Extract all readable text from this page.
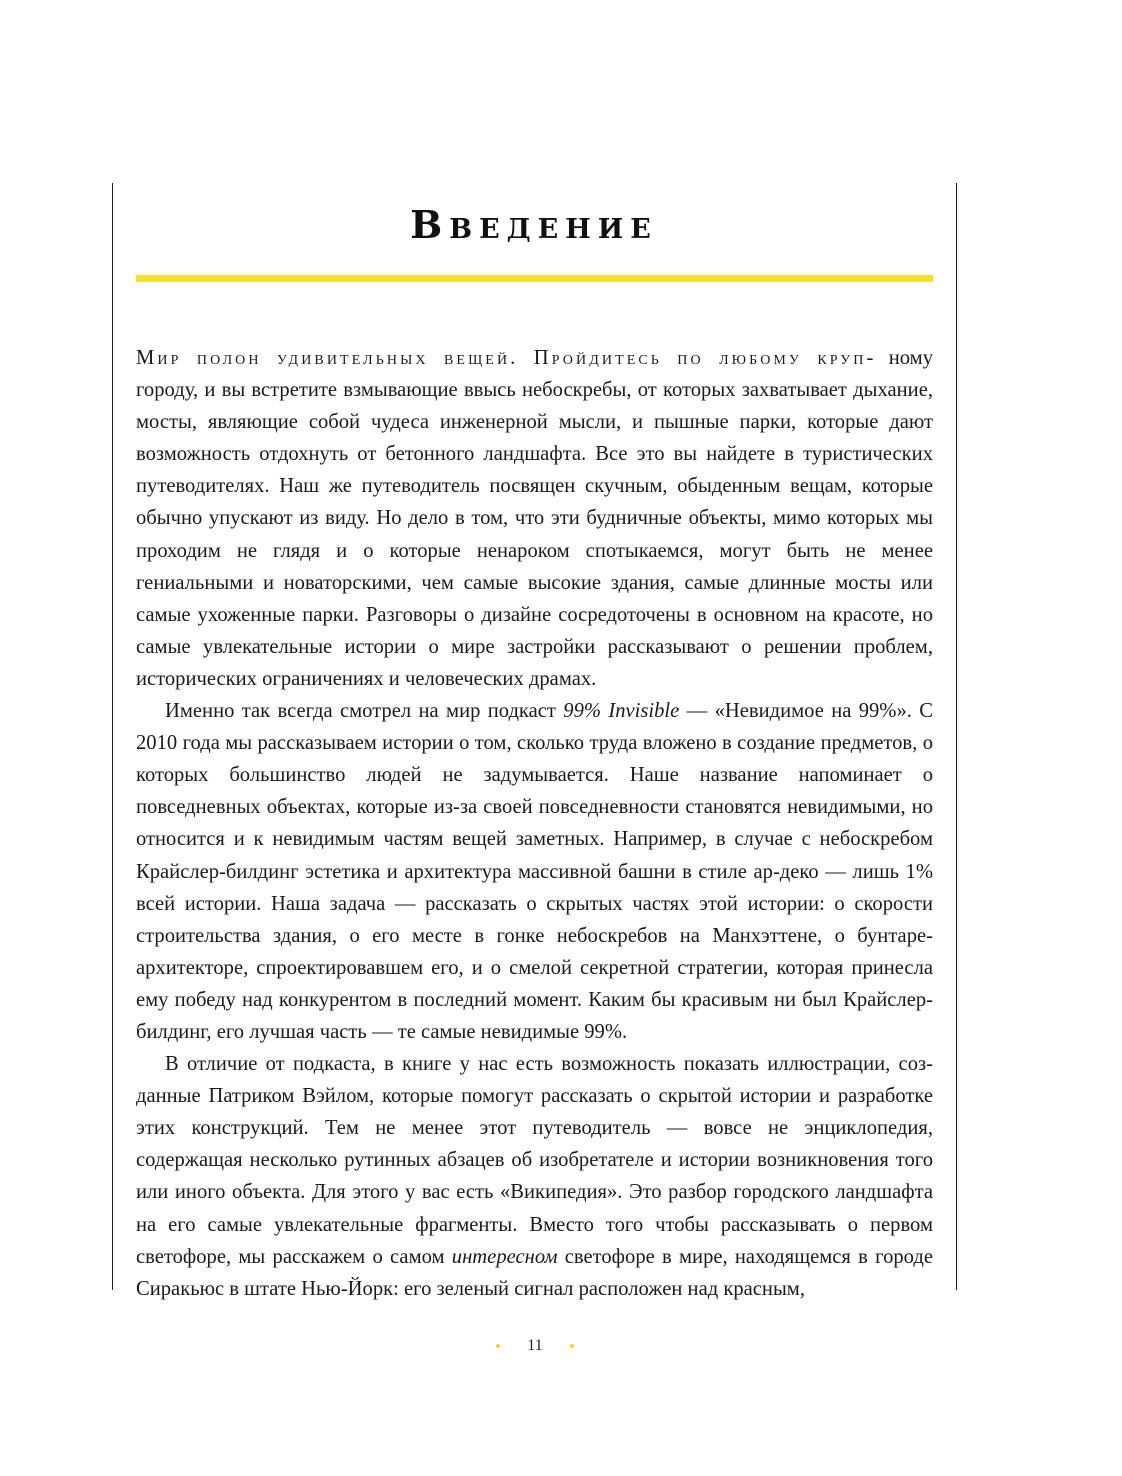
Введение

Мир полон удивительных вещей. Пройдитесь по любому круп- ному городу, и вы встретите взмывающие ввысь небоскребы, от которых захватывает дыхание, мосты, являющие собой чудеса инженерной мысли, и пышные парки, которые дают возможность отдохнуть от бетонного ландшафта. Все это вы найдете в туристических путеводителях. Наш же путеводитель посвящен скучным, обыденным вещам, которые обычно упускают из виду. Но дело в том, что эти будничные объекты, мимо которых мы проходим не глядя и о которые ненароком спотыкаемся, могут быть не менее гениальными и новаторскими, чем самые высокие здания, самые длинные мосты или самые ухоженные парки. Разговоры о дизайне сосредоточены в основном на красоте, но самые увлекательные истории о мире застройки рассказывают о решении проблем, исторических ограничениях и человеческих драмах.

Именно так всегда смотрел на мир подкаст 99% Invisible — «Невидимое на 99%». С 2010 года мы рассказываем истории о том, сколько труда вложено в создание предметов, о которых большинство людей не задумывается. Наше название напоминает о повседневных объектах, которые из-за своей повседневности становятся невидимыми, но относится и к невидимым частям вещей заметных. Например, в случае с небоскребом Крайслер-билдинг эстетика и архитектура массивной башни в стиле ар-деко — лишь 1% всей истории. Наша задача — рассказать о скрытых частях этой истории: о скорости строительства здания, о его месте в гонке небоскребов на Манхэттене, о бунтаре-архитекторе, спроектировавшем его, и о смелой секретной стратегии, которая принесла ему победу над конкурентом в последний момент. Каким бы красивым ни был Крайслер-билдинг, его лучшая часть — те самые невидимые 99%.

В отличие от подкаста, в книге у нас есть возможность показать иллюстрации, созданные Патриком Вэйлом, которые помогут рассказать о скрытой истории и разработке этих конструкций. Тем не менее этот путеводитель — вовсе не энциклопедия, содержащая несколько рутинных абзацев об изобретателе и истории возникновения того или иного объекта. Для этого у вас есть «Википедия». Это разбор городского ландшафта на его самые увлекательные фрагменты. Вместо того чтобы рассказывать о первом светофоре, мы расскажем о самом интересном светофоре в мире, находящемся в городе Сиракьюс в штате Нью-Йорк: его зеленый сигнал расположен над красным,

11
